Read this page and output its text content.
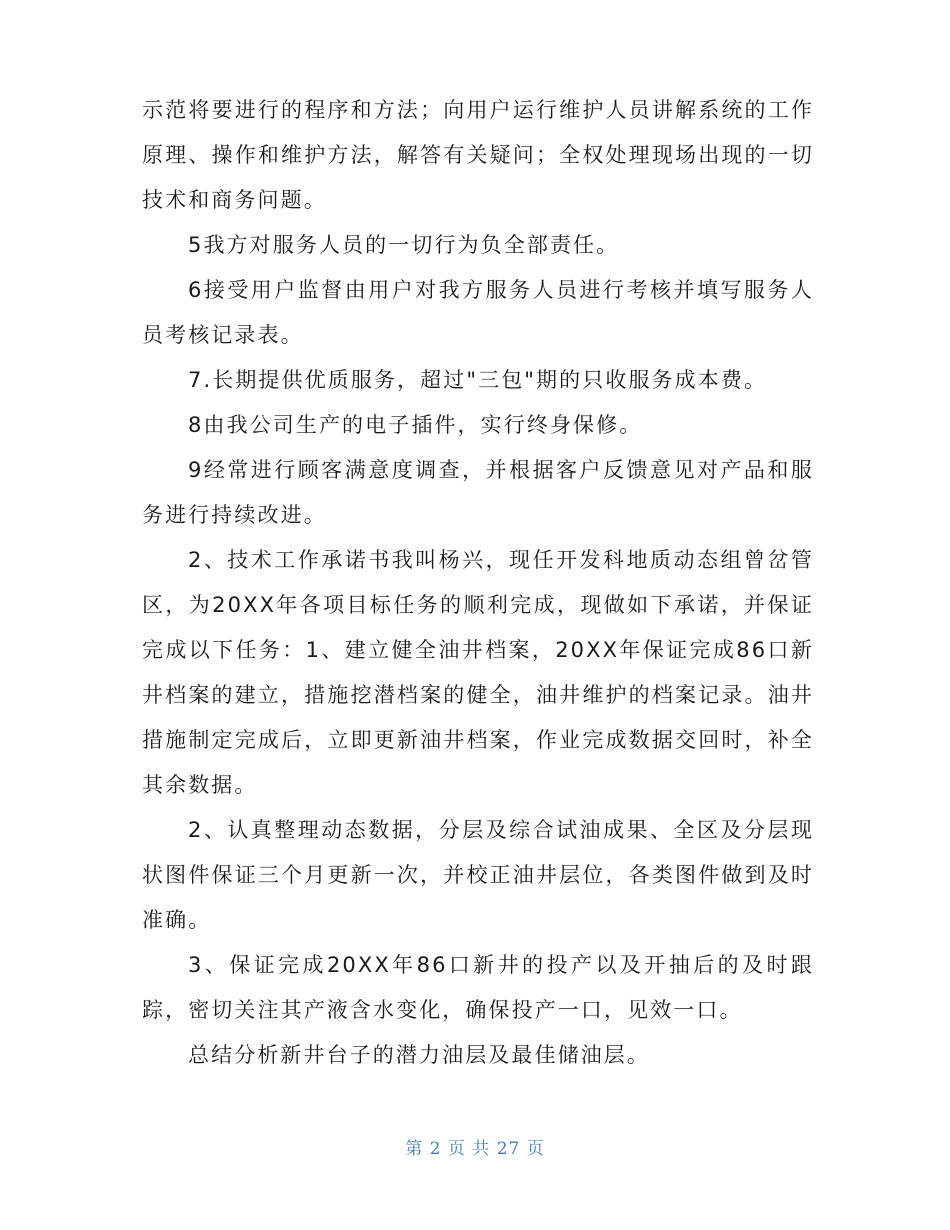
示范将要进行的程序和方法；向用户运行维护人员讲解系统的工作原理、操作和维护方法，解答有关疑问；全权处理现场出现的一切技术和商务问题。

5我方对服务人员的一切行为负全部责任。

6接受用户监督由用户对我方服务人员进行考核并填写服务人员考核记录表。

7.长期提供优质服务，超过"三包"期的只收服务成本费。

8由我公司生产的电子插件，实行终身保修。

9经常进行顾客满意度调查，并根据客户反馈意见对产品和服务进行持续改进。

2、技术工作承诺书我叫杨兴，现任开发科地质动态组曾岔管区，为20XX年各项目标任务的顺利完成，现做如下承诺，并保证完成以下任务：1、建立健全油井档案，20XX年保证完成86口新井档案的建立，措施挖潜档案的健全，油井维护的档案记录。油井措施制定完成后，立即更新油井档案，作业完成数据交回时，补全其余数据。

2、认真整理动态数据，分层及综合试油成果、全区及分层现状图件保证三个月更新一次，并校正油井层位，各类图件做到及时准确。

3、保证完成20XX年86口新井的投产以及开抽后的及时跟踪，密切关注其产液含水变化，确保投产一口，见效一口。

总结分析新井台子的潜力油层及最佳储油层。

第 2 页 共 27 页
